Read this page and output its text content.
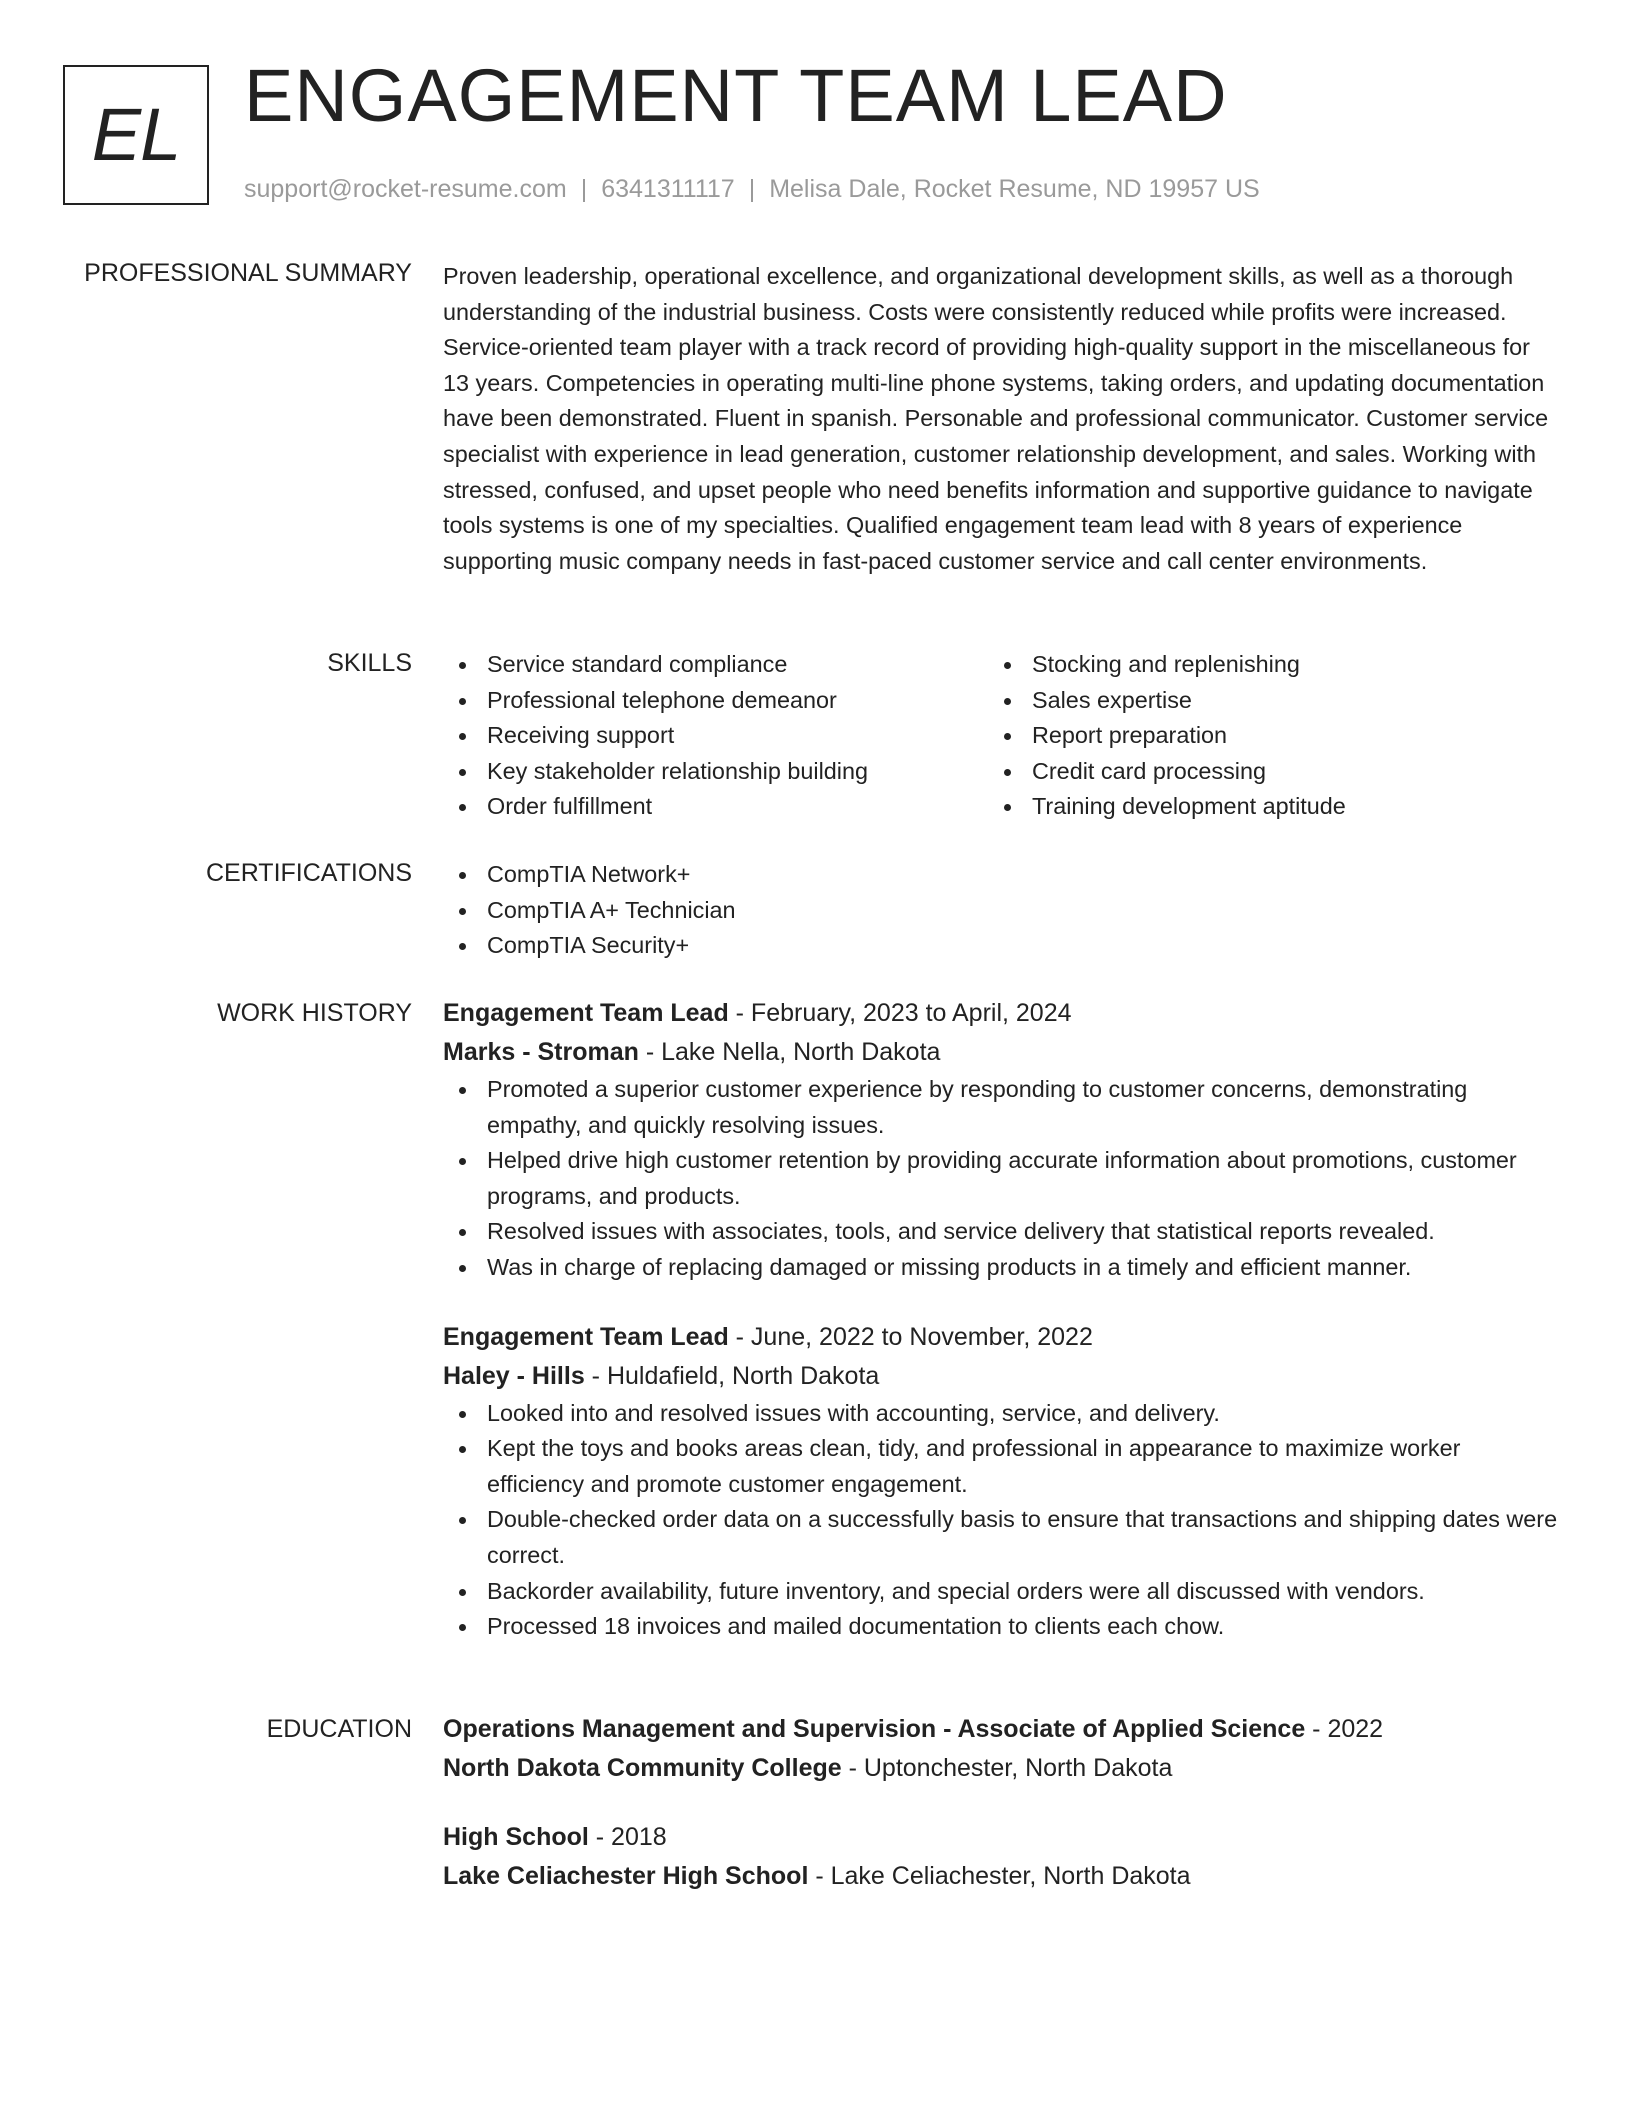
EL ENGAGEMENT TEAM LEAD
support@rocket-resume.com | 6341311117 | Melisa Dale, Rocket Resume, ND 19957 US
PROFESSIONAL SUMMARY Proven leadership, operational excellence, and organizational development skills, as well as a thorough understanding of the industrial business. Costs were consistently reduced while profits were increased. Service-oriented team player with a track record of providing high-quality support in the miscellaneous for 13 years. Competencies in operating multi-line phone systems, taking orders, and updating documentation have been demonstrated. Fluent in spanish. Personable and professional communicator. Customer service specialist with experience in lead generation, customer relationship development, and sales. Working with stressed, confused, and upset people who need benefits information and supportive guidance to navigate tools systems is one of my specialties. Qualified engagement team lead with 8 years of experience supporting music company needs in fast-paced customer service and call center environments.

SKILLS	Service standard compliance
Professional telephone demeanor
Receiving support
Key stakeholder relationship building
Order fulfillment
Stocking and replenishing
Sales expertise
Report preparation
Credit card processing
Training development aptitude
CERTIFICATIONS	CompTIA Network+
CompTIA A+ Technician
CompTIA Security+
WORK HISTORY Engagement Team Lead - February, 2023 to April, 2024
Marks - Stroman - Lake Nella, North Dakota
Promoted a superior customer experience by responding to customer concerns, demonstrating empathy, and quickly resolving issues.
Helped drive high customer retention by providing accurate information about promotions, customer programs, and products.
Resolved issues with associates, tools, and service delivery that statistical reports revealed.
Was in charge of replacing damaged or missing products in a timely and efficient manner.
Engagement Team Lead - June, 2022 to November, 2022
Haley - Hills - Huldafield, North Dakota
Looked into and resolved issues with accounting, service, and delivery.
Kept the toys and books areas clean, tidy, and professional in appearance to maximize worker efficiency and promote customer engagement.
Double-checked order data on a successfully basis to ensure that transactions and shipping dates were correct.
Backorder availability, future inventory, and special orders were all discussed with vendors.
Processed 18 invoices and mailed documentation to clients each chow.
EDUCATION Operations Management and Supervision - Associate of Applied Science - 2022
North Dakota Community College - Uptonchester, North Dakota
High School - 2018
Lake Celiachester High School - Lake Celiachester, North Dakota
